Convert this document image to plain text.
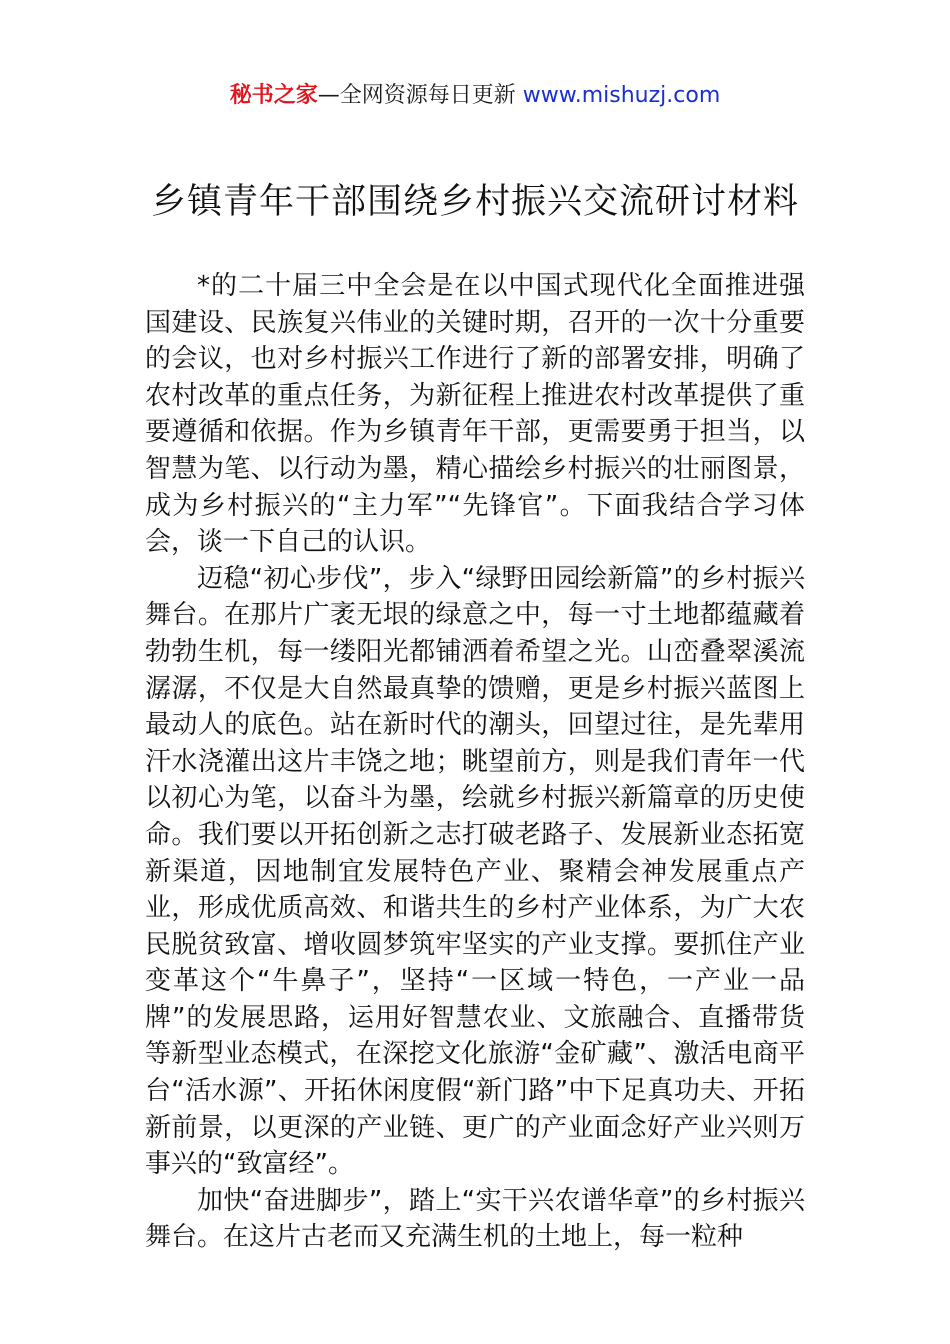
秘书之家—全网资源每日更新 www.mishuzj.com
乡镇青年干部围绕乡村振兴交流研讨材料

*的二十届三中全会是在以中国式现代化全面推进强国建设、民族复兴伟业的关键时期，召开的一次十分重要的会议，也对乡村振兴工作进行了新的部署安排，明确了农村改革的重点任务，为新征程上推进农村改革提供了重要遵循和依据。作为乡镇青年干部，更需要勇于担当，以智慧为笔、以行动为墨，精心描绘乡村振兴的壮丽图景，成为乡村振兴的“主力军”“先锋官”。下面我结合学习体会，谈一下自己的认识。

迈稳“初心步伐”，步入“绿野田园绘新篇”的乡村振兴舞台。在那片广袤无垠的绿意之中，每一寸土地都蕴藏着勃勃生机，每一缕阳光都铺洒着希望之光。山峦叠翠溪流潺潺，不仅是大自然最真挚的馈赠，更是乡村振兴蓝图上最动人的底色。站在新时代的潮头，回望过往，是先辈用汗水浇灌出这片丰饶之地；眺望前方，则是我们青年一代以初心为笔，以奋斗为墨，绘就乡村振兴新篇章的历史使命。我们要以开拓创新之志打破老路子、发展新业态拓宽新渠道，因地制宜发展特色产业、聚精会神发展重点产业，形成优质高效、和谐共生的乡村产业体系，为广大农民脱贫致富、增收圆梦筑牢坚实的产业支撑。要抓住产业变革这个“牛鼻子”，坚持“一区域一特色，一产业一品牌”的发展思路，运用好智慧农业、文旅融合、直播带货等新型业态模式，在深挖文化旅游“金矿藏”、激活电商平台“活水源”、开拓休闲度假“新门路”中下足真功夫、开拓新前景，以更深的产业链、更广的产业面念好产业兴则万事兴的“致富经”。

加快“奋进脚步”，踏上“实干兴农谱华章”的乡村振兴舞台。在这片古老而又充满生机的土地上，每一粒种
